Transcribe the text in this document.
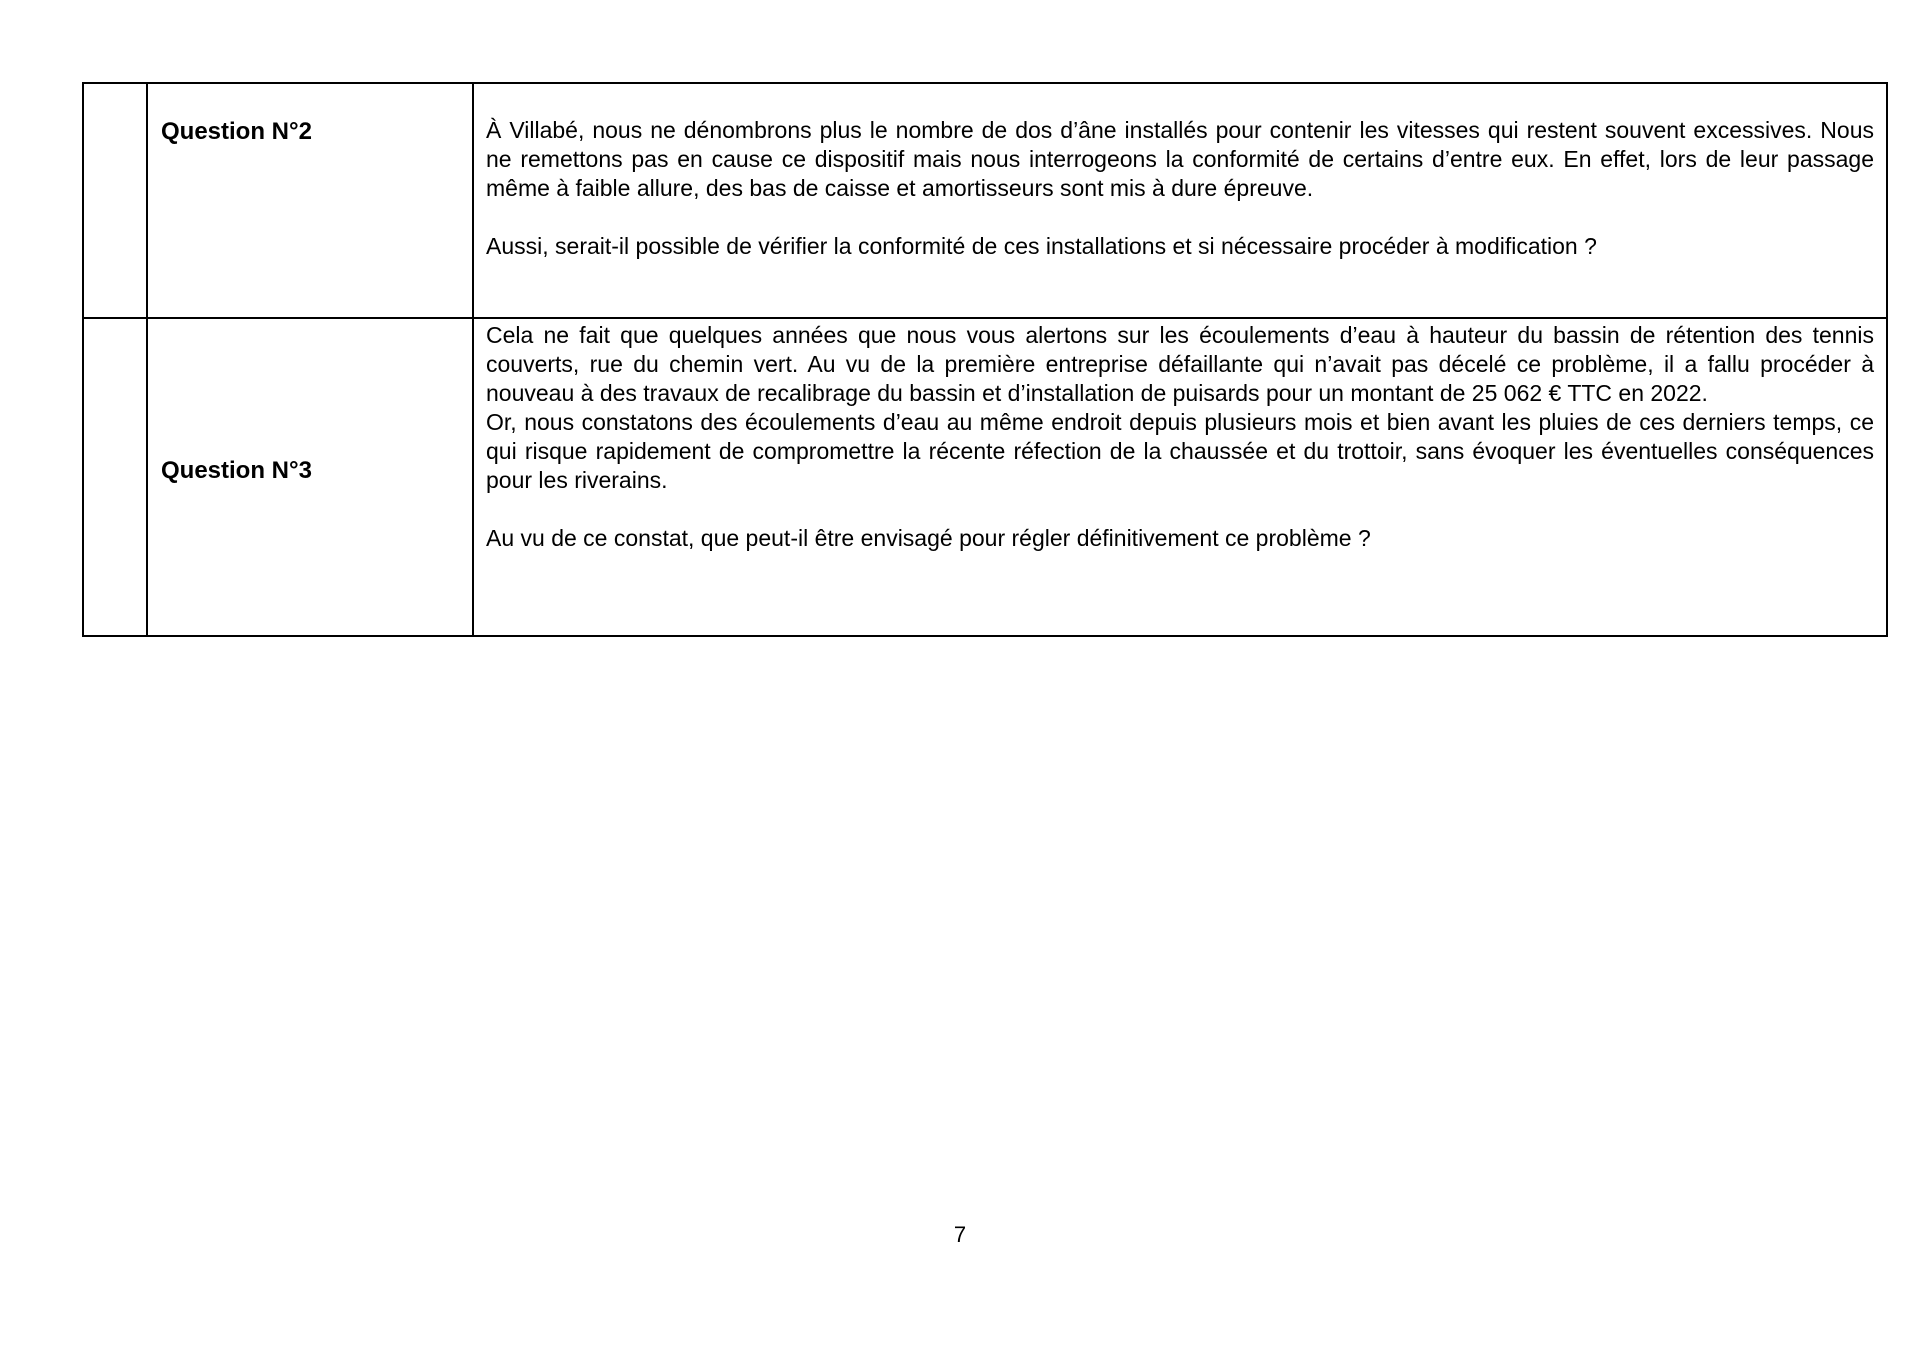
	Question N°2	À Villabé, nous ne dénombrons plus le nombre de dos d’âne installés pour contenir les vitesses qui restent souvent excessives. Nous ne remettons pas en cause ce dispositif mais nous interrogeons la conformité de certains d’entre eux. En effet, lors de leur passage même à faible allure, des bas de caisse et amortisseurs sont mis à dure épreuve.

Aussi, serait-il possible de vérifier la conformité de ces installations et si nécessaire procéder à modification ?

	Question N°3	Cela ne fait que quelques années que nous vous alertons sur les écoulements d’eau à hauteur du bassin de rétention des tennis couverts, rue du chemin vert. Au vu de la première entreprise défaillante qui n’avait pas décelé ce problème, il a fallu procéder à nouveau à des travaux de recalibrage du bassin et d’installation de puisards pour un montant de 25 062 € TTC en 2022.

Or, nous constatons des écoulements d’eau au même endroit depuis plusieurs mois et bien avant les pluies de ces derniers temps, ce qui risque rapidement de compromettre la récente réfection de la chaussée et du trottoir, sans évoquer les éventuelles conséquences pour les riverains.

Au vu de ce constat, que peut-il être envisagé pour régler définitivement ce problème ?

7
